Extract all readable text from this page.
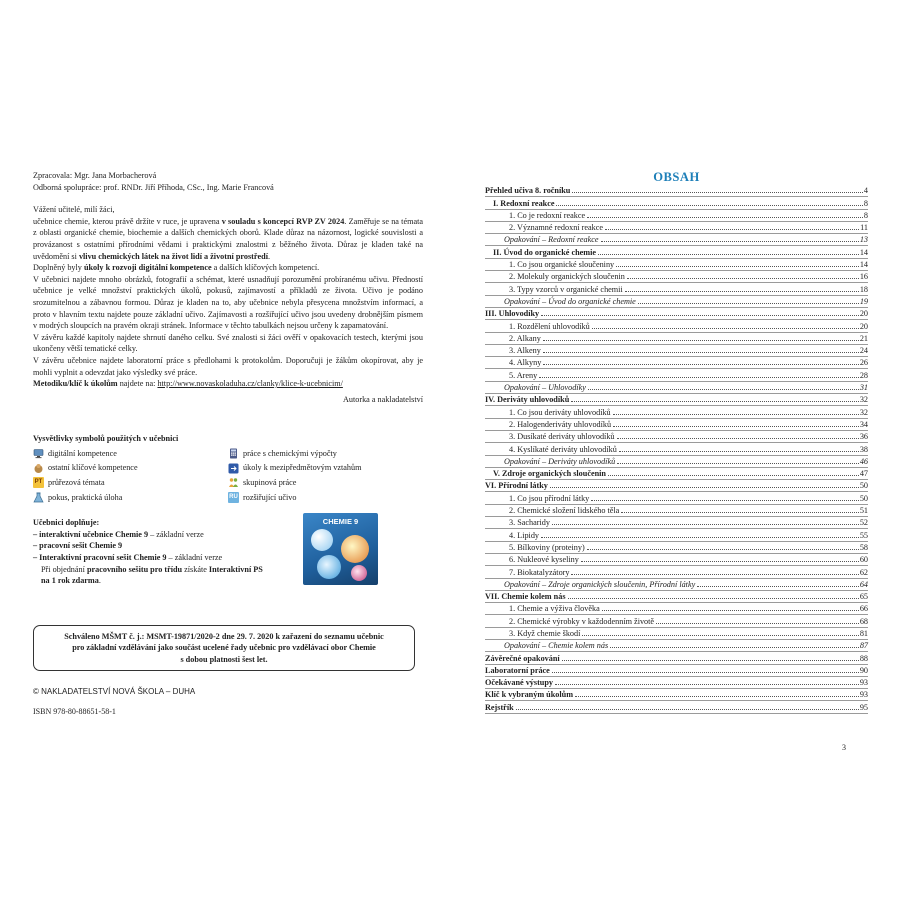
Zpracovala: Mgr. Jana Morbacherová

Odborná spolupráce: prof. RNDr. Jiří Příhoda, CSc., Ing. Marie Francová

Vážení učitelé, milí žáci,

učebnice chemie, kterou právě držíte v ruce, je upravena v souladu s koncepcí RVP ZV 2024. Zaměřuje se na témata z oblasti organické chemie, biochemie a dalších chemických oborů. Klade důraz na názornost, logické souvislosti a provázanost s ostatními přírodními vědami i praktickými znalostmi z běžného života. Důraz je kladen také na uvědomění si vlivu chemických látek na život lidí a životní prostředí.

Doplněný byly úkoly k rozvoji digitální kompetence a dalších klíčových kompetencí.

V učebnici najdete mnoho obrázků, fotografií a schémat, které usnadňují porozumění probíranému učivu. Předností učebnice je velké množství praktických úkolů, pokusů, zajímavostí a příkladů ze života. Učivo je podáno srozumitelnou a zábavnou formou. Důraz je kladen na to, aby učebnice nebyla přesycena množstvím informací, a proto v hlavním textu najdete pouze základní učivo. Zajímavosti a rozšiřující učivo jsou uvedeny drobnějším písmem v modrých sloupcích na pravém okraji stránek. Informace v těchto tabulkách nejsou určeny k zapamatování.

V závěru každé kapitoly najdete shrnutí daného celku. Své znalosti si žáci ověří v opakovacích testech, kterými jsou ukončeny větší tematické celky.

V závěru učebnice najdete laboratorní práce s předlohami k protokolům. Doporučuji je žákům okopírovat, aby je mohli vyplnit a odevzdat jako výsledky své práce.

Metodiku/klíč k úkolům najdete na: http://www.novaskoladuha.cz/clanky/klice-k-ucebnicim/

Autorka a nakladatelství

Vysvětlivky symbolů použitých v učebnici
digitální kompetence	práce s chemickými výpočty
ostatní klíčové kompetence	úkoly k mezipředmětovým vztahům
PT průřezová témata	skupinová práce
pokus, praktická úloha	RU rozšiřující učivo
Učebnici doplňuje:

– interaktivní učebnice Chemie 9 – základní verze

– pracovní sešit Chemie 9

– Interaktivní pracovní sešit Chemie 9 – základní verze

Při objednání pracovního sešitu pro třídu získáte Interaktivní PS
na 1 rok zdarma.

CHEMIE 9
Schváleno MŠMT č. j.: MSMT-19871/2020-2 dne 29. 7. 2020 k zařazení do seznamu učebnic
pro základní vzdělávání jako součást ucelené řady učebnic pro vzdělávací obor Chemie
s dobou platnosti šest let.
© NAKLADATELSTVÍ NOVÁ ŠKOLA – DUHA
ISBN 978-80-88651-58-1
OBSAH
Přehled učiva 8. ročníku	4
I. Redoxní reakce	8
1. Co je redoxní reakce	8
2. Významné redoxní reakce	11
Opakování – Redoxní reakce	13
II. Úvod do organické chemie	14
1. Co jsou organické sloučeniny	14
2. Molekuly organických sloučenin	16
3. Typy vzorců v organické chemii	18
Opakování – Úvod do organické chemie	19
III. Uhlovodíky	20
1. Rozdělení uhlovodíků	20
2. Alkany	21
3. Alkeny	24
4. Alkyny	26
5. Areny	28
Opakování – Uhlovodíky	31
IV. Deriváty uhlovodíků	32
1. Co jsou deriváty uhlovodíků	32
2. Halogenderiváty uhlovodíků	34
3. Dusíkaté deriváty uhlovodíků	36
4. Kyslíkaté deriváty uhlovodíků	38
Opakování – Deriváty uhlovodíků	46
V. Zdroje organických sloučenin	47
VI. Přírodní látky	50
1. Co jsou přírodní látky	50
2. Chemické složení lidského těla	51
3. Sacharidy	52
4. Lipidy	55
5. Bílkoviny (proteiny)	58
6. Nukleové kyseliny	60
7. Biokatalyzátory	62
Opakování – Zdroje organických sloučenin, Přírodní látky	64
VII. Chemie kolem nás	65
1. Chemie a výživa člověka	66
2. Chemické výrobky v každodenním životě	68
3. Když chemie škodí	81
Opakování – Chemie kolem nás	87
Závěrečné opakování	88
Laboratorní práce	90
Očekávané výstupy	93
Klíč k vybraným úkolům	93
Rejstřík	95
3
